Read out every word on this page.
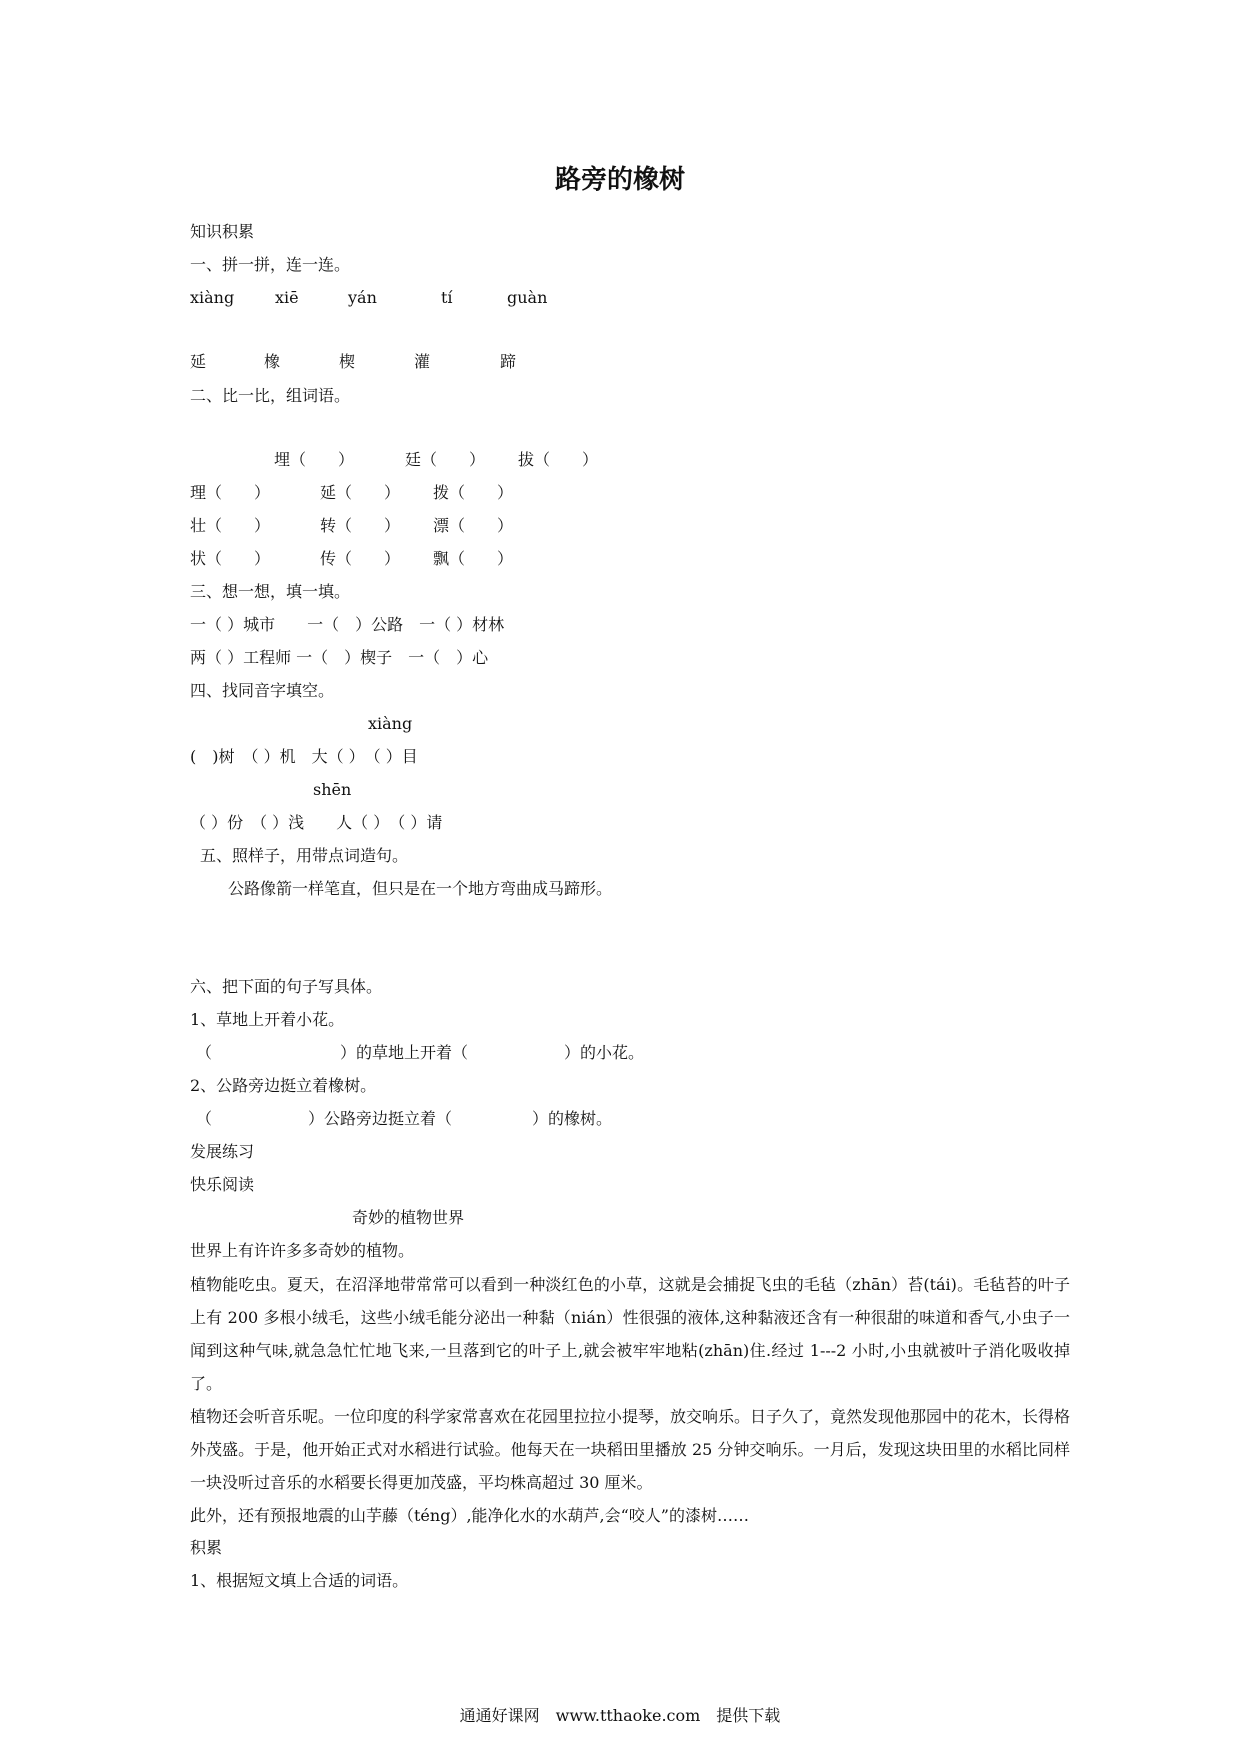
路旁的橡树
知识积累
一、拼一拼，连一连。
xiàng	xiē	yán	tí	guàn
延	橡	楔	灌	蹄
二、比一比，组词语。
埋（　　）	廷（　　） 拔（　　）
理（　　）	延（　　） 拨（　　）
壮（　　）	转（　　） 漂（　　）
状（　　）	传（　　） 飘（　　）
三、想一想，填一填。
一（ ）城市　　一（　）公路　一（ ）材林
两（ ）工程师 一（　）楔子　一（　）心
四、找同音字填空。
xiàng
(　)树　（ ）机　大（ ）　（ ）目
shēn
（ ）份　（ ）浅　　人（ ）　（ ）请
五、照样子，用带点词造句。
公路像箭一样笔直，但只是在一个地方弯曲成马蹄形。
六、把下面的句子写具体。
1、草地上开着小花。
（　　　　　　　　）的草地上开着（　　　　　　）的小花。
2、公路旁边挺立着橡树。
（　　　　　　）公路旁边挺立着（　　　　　）的橡树。
发展练习
快乐阅读
奇妙的植物世界
世界上有许许多多奇妙的植物。
植物能吃虫。夏天，在沼泽地带常常可以看到一种淡红色的小草，这就是会捕捉飞虫的毛毡（zhān）苔(tái)。毛毡苔的叶子上有 200 多根小绒毛，这些小绒毛能分泌出一种黏（nián）性很强的液体,这种黏液还含有一种很甜的味道和香气,小虫子一闻到这种气味,就急急忙忙地飞来,一旦落到它的叶子上,就会被牢牢地粘(zhān)住.经过 1---2 小时,小虫就被叶子消化吸收掉了。
植物还会听音乐呢。一位印度的科学家常喜欢在花园里拉拉小提琴，放交响乐。日子久了，竟然发现他那园中的花木，长得格外茂盛。于是，他开始正式对水稻进行试验。他每天在一块稻田里播放 25 分钟交响乐。一月后，发现这块田里的水稻比同样一块没听过音乐的水稻要长得更加茂盛，平均株高超过 30 厘米。
此外，还有预报地震的山芋藤（téng）,能净化水的水葫芦,会“咬人”的漆树……
积累
1、根据短文填上合适的词语。
通通好课网　www.tthaoke.com　提供下载
